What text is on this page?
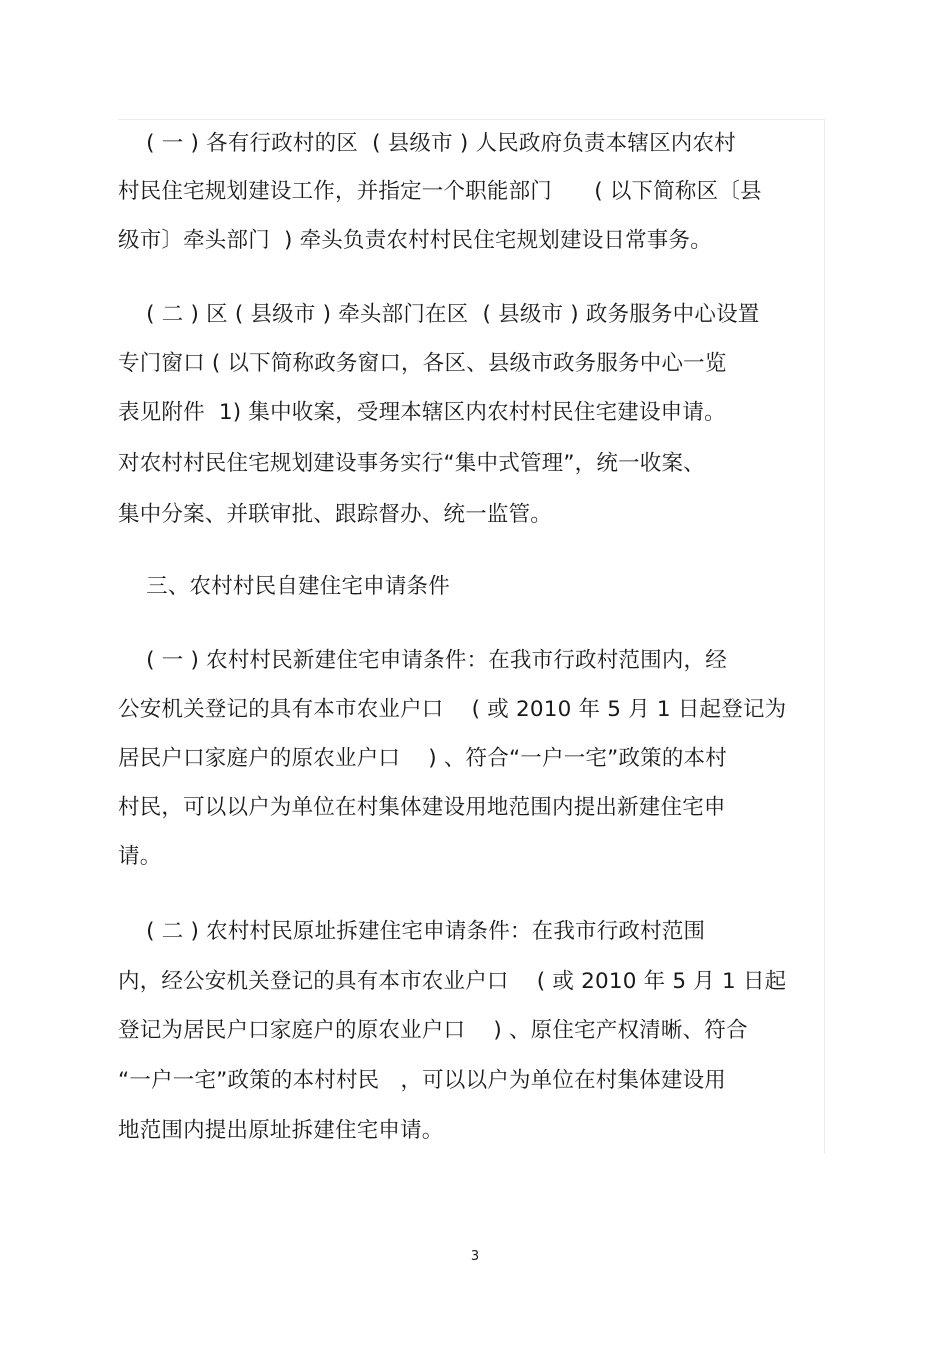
( 一 ) 各有行政村的区  ( 县级市 ) 人民政府负责本辖区内农村
村民住宅规划建设工作，并指定一个职能部门      ( 以下简称区〔县
级市〕牵头部门  ) 牵头负责农村村民住宅规划建设日常事务。
( 二 ) 区 ( 县级市 ) 牵头部门在区  ( 县级市 ) 政务服务中心设置
专门窗口 ( 以下简称政务窗口，各区、县级市政务服务中心一览
表见附件  1) 集中收案，受理本辖区内农村村民住宅建设申请。
对农村村民住宅规划建设事务实行“集中式管理”，统一收案、
集中分案、并联审批、跟踪督办、统一监管。
三、农村村民自建住宅申请条件
( 一 ) 农村村民新建住宅申请条件：在我市行政村范围内，经
公安机关登记的具有本市农业户口    ( 或 2010 年 5 月 1 日起登记为
居民户口家庭户的原农业户口    ) 、符合“一户一宅”政策的本村
村民，可以以户为单位在村集体建设用地范围内提出新建住宅申
请。
( 二 ) 农村村民原址拆建住宅申请条件：在我市行政村范围
内，经公安机关登记的具有本市农业户口    ( 或 2010 年 5 月 1 日起
登记为居民户口家庭户的原农业户口    ) 、原住宅产权清晰、符合
“一户一宅”政策的本村村民   ，可以以户为单位在村集体建设用
地范围内提出原址拆建住宅申请。
3
